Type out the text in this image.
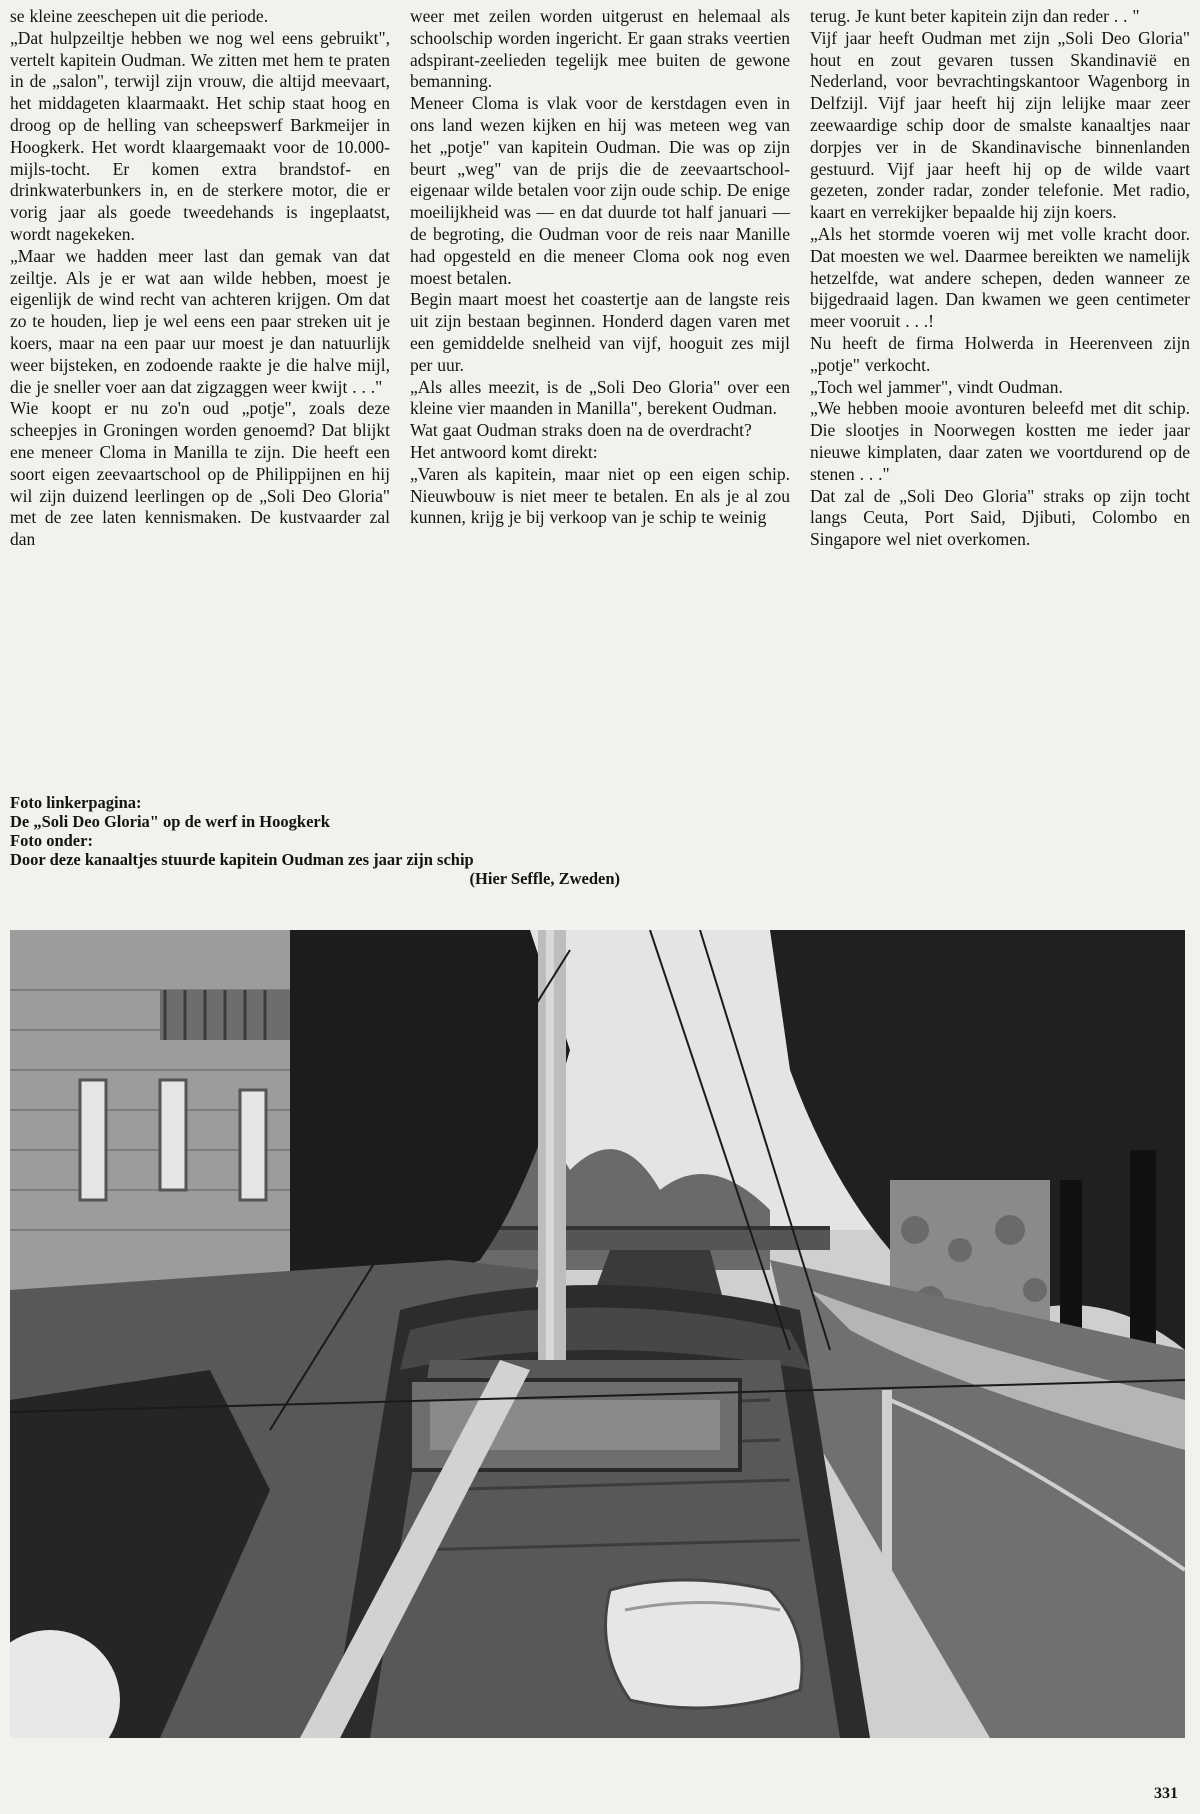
se kleine zeeschepen uit die periode.

„Dat hulpzeiltje hebben we nog wel eens gebruikt", vertelt kapitein Oudman. We zitten met hem te praten in de „salon", terwijl zijn vrouw, die altijd meevaart, het middageten klaarmaakt. Het schip staat hoog en droog op de helling van scheepswerf Barkmeijer in Hoogkerk. Het wordt klaargemaakt voor de 10.000-mijls-tocht. Er komen extra brandstof- en drinkwaterbunkers in, en de sterkere motor, die er vorig jaar als goede tweedehands is ingeplaatst, wordt nagekeken.

„Maar we hadden meer last dan gemak van dat zeiltje. Als je er wat aan wilde hebben, moest je eigenlijk de wind recht van achteren krijgen. Om dat zo te houden, liep je wel eens een paar streken uit je koers, maar na een paar uur moest je dan natuurlijk weer bijsteken, en zodoende raakte je die halve mijl, die je sneller voer aan dat zigzaggen weer kwijt . . ."

Wie koopt er nu zo'n oud „potje", zoals deze scheepjes in Groningen worden genoemd? Dat blijkt ene meneer Cloma in Manilla te zijn. Die heeft een soort eigen zeevaartschool op de Philippijnen en hij wil zijn duizend leerlingen op de „Soli Deo Gloria" met de zee laten kennismaken. De kustvaarder zal dan

weer met zeilen worden uitgerust en helemaal als schoolschip worden ingericht. Er gaan straks veertien adspirant-zeelieden tegelijk mee buiten de gewone bemanning.

Meneer Cloma is vlak voor de kerstdagen even in ons land wezen kijken en hij was meteen weg van het „potje" van kapitein Oudman. Die was op zijn beurt „weg" van de prijs die de zeevaartschool-eigenaar wilde betalen voor zijn oude schip. De enige moeilijkheid was — en dat duurde tot half januari — de begroting, die Oudman voor de reis naar Manille had opgesteld en die meneer Cloma ook nog even moest betalen.

Begin maart moest het coastertje aan de langste reis uit zijn bestaan beginnen. Honderd dagen varen met een gemiddelde snelheid van vijf, hooguit zes mijl per uur.

„Als alles meezit, is de „Soli Deo Gloria" over een kleine vier maanden in Manilla", berekent Oudman.

Wat gaat Oudman straks doen na de overdracht?

Het antwoord komt direkt:

„Varen als kapitein, maar niet op een eigen schip. Nieuwbouw is niet meer te betalen. En als je al zou kunnen, krijg je bij verkoop van je schip te weinig

terug. Je kunt beter kapitein zijn dan reder . . "

Vijf jaar heeft Oudman met zijn „Soli Deo Gloria" hout en zout gevaren tussen Skandinavië en Nederland, voor bevrachtingskantoor Wagenborg in Delfzijl. Vijf jaar heeft hij zijn lelijke maar zeer zeewaardige schip door de smalste kanaaltjes naar dorpjes ver in de Skandinavische binnenlanden gestuurd. Vijf jaar heeft hij op de wilde vaart gezeten, zonder radar, zonder telefonie. Met radio, kaart en verrekijker bepaalde hij zijn koers.

„Als het stormde voeren wij met volle kracht door. Dat moesten we wel. Daarmee bereikten we namelijk hetzelfde, wat andere schepen, deden wanneer ze bijgedraaid lagen. Dan kwamen we geen centimeter meer vooruit . . .!

Nu heeft de firma Holwerda in Heerenveen zijn „potje" verkocht.

„Toch wel jammer", vindt Oudman.

„We hebben mooie avonturen beleefd met dit schip. Die slootjes in Noorwegen kostten me ieder jaar nieuwe kimplaten, daar zaten we voortdurend op de stenen . . ."

Dat zal de „Soli Deo Gloria" straks op zijn tocht langs Ceuta, Port Said, Djibuti, Colombo en Singapore wel niet overkomen.

Foto linkerpagina:
De „Soli Deo Gloria" op de werf in Hoogkerk
Foto onder:
Door deze kanaaltjes stuurde kapitein Oudman zes jaar zijn schip
(Hier Seffle, Zweden)
331
